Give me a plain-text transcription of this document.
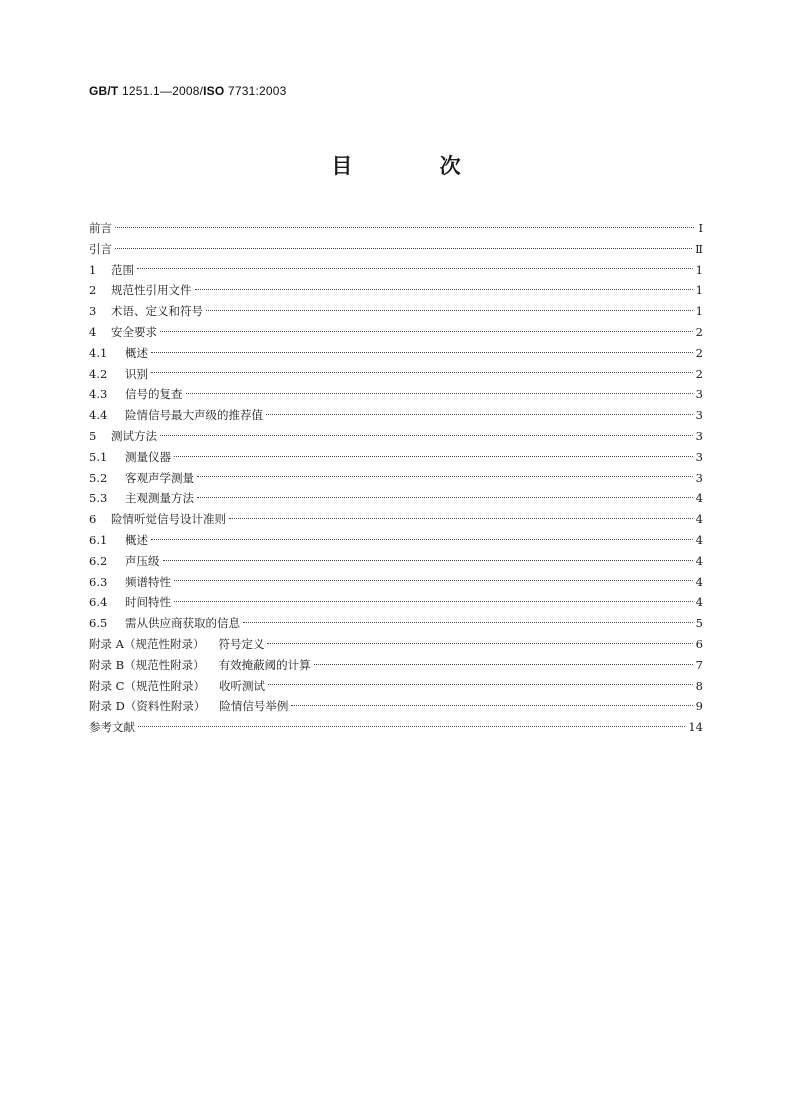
GB/T 1251.1—2008/ISO 7731:2003
目 次
前言	Ⅰ
引言	Ⅱ
1	范围	1
2	规范性引用文件	1
3	术语、定义和符号	1
4	安全要求	2
4.1	概述	2
4.2	识别	2
4.3	信号的复查	3
4.4	险情信号最大声级的推荐值	3
5	测试方法	3
5.1	测量仪器	3
5.2	客观声学测量	3
5.3	主观测量方法	4
6	险情听觉信号设计准则	4
6.1	概述	4
6.2	声压级	4
6.3	频谱特性	4
6.4	时间特性	4
6.5	需从供应商获取的信息	5
附录 A（规范性附录） 符号定义	6
附录 B（规范性附录） 有效掩蔽阈的计算	7
附录 C（规范性附录） 收听测试	8
附录 D（资料性附录） 险情信号举例	9
参考文献	14
